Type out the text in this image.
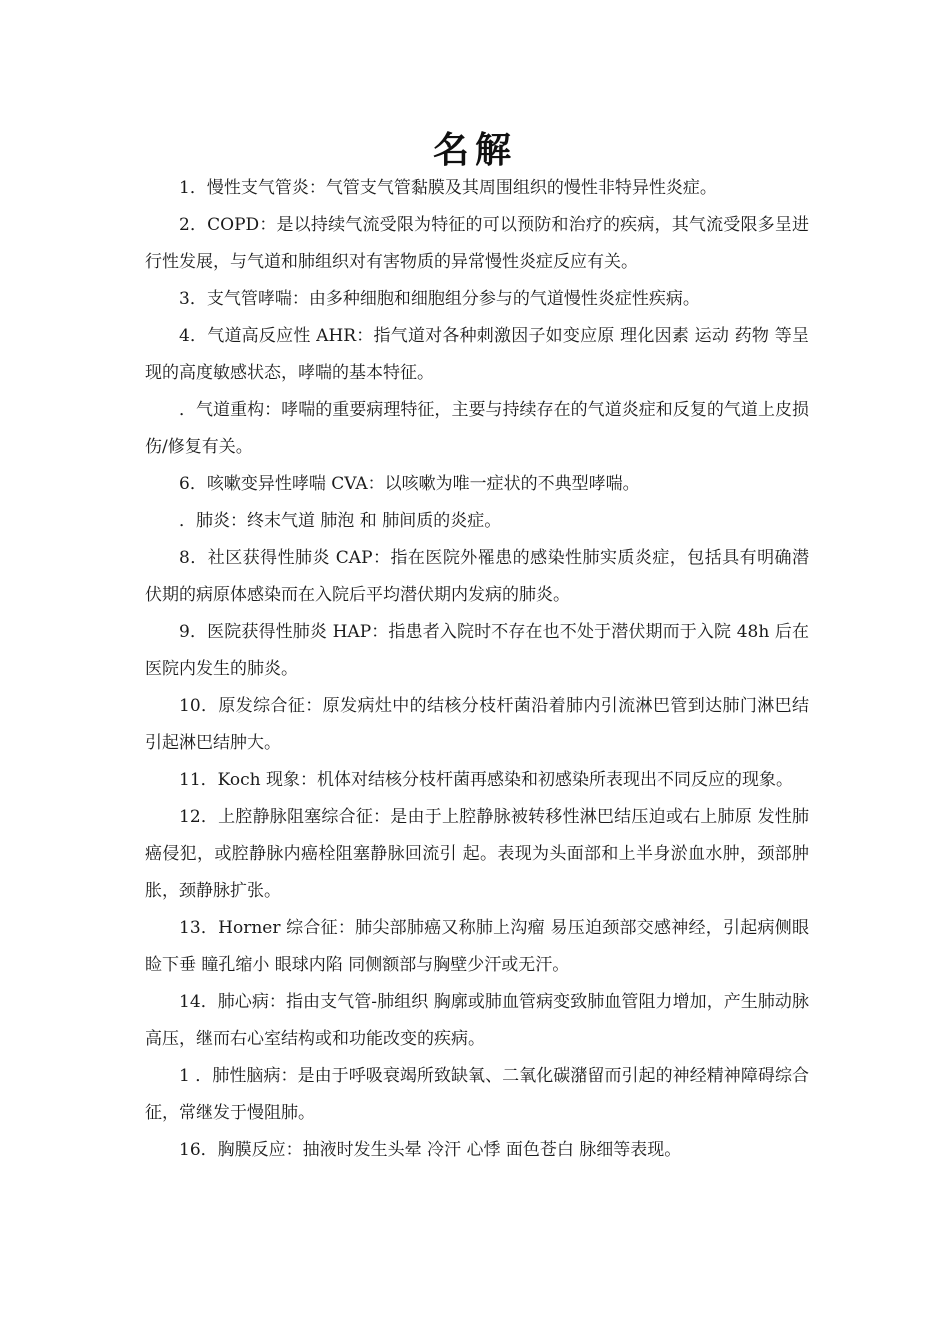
名解

1．慢性支气管炎：气管支气管黏膜及其周围组织的慢性非特异性炎症。

2．COPD：是以持续气流受限为特征的可以预防和治疗的疾病，其气流受限多呈进行性发展，与气道和肺组织对有害物质的异常慢性炎症反应有关。

3．支气管哮喘：由多种细胞和细胞组分参与的气道慢性炎症性疾病。

4．气道高反应性 AHR：指气道对各种刺激因子如变应原 理化因素 运动 药物 等呈现的高度敏感状态，哮喘的基本特征。

．气道重构：哮喘的重要病理特征，主要与持续存在的气道炎症和反复的气道上皮损伤/修复有关。

6．咳嗽变异性哮喘 CVA：以咳嗽为唯一症状的不典型哮喘。

．肺炎：终末气道 肺泡 和 肺间质的炎症。

8．社区获得性肺炎 CAP：指在医院外罹患的感染性肺实质炎症，包括具有明确潜伏期的病原体感染而在入院后平均潜伏期内发病的肺炎。

9．医院获得性肺炎 HAP：指患者入院时不存在也不处于潜伏期而于入院 48h 后在医院内发生的肺炎。

10．原发综合征：原发病灶中的结核分枝杆菌沿着肺内引流淋巴管到达肺门淋巴结引起淋巴结肿大。

11．Koch 现象：机体对结核分枝杆菌再感染和初感染所表现出不同反应的现象。

12．上腔静脉阻塞综合征：是由于上腔静脉被转移性淋巴结压迫或右上肺原 发性肺癌侵犯，或腔静脉内癌栓阻塞静脉回流引 起。表现为头面部和上半身淤血水肿，颈部肿胀，颈静脉扩张。

13．Horner 综合征：肺尖部肺癌又称肺上沟瘤 易压迫颈部交感神经，引起病侧眼睑下垂 瞳孔缩小 眼球内陷 同侧额部与胸壁少汗或无汗。

14．肺心病：指由支气管-肺组织 胸廓或肺血管病变致肺血管阻力增加，产生肺动脉高压，继而右心室结构或和功能改变的疾病。

1 ．肺性脑病：是由于呼吸衰竭所致缺氧、二氧化碳潴留而引起的神经精神障碍综合征，常继发于慢阻肺。

16．胸膜反应：抽液时发生头晕 冷汗 心悸 面色苍白 脉细等表现。
